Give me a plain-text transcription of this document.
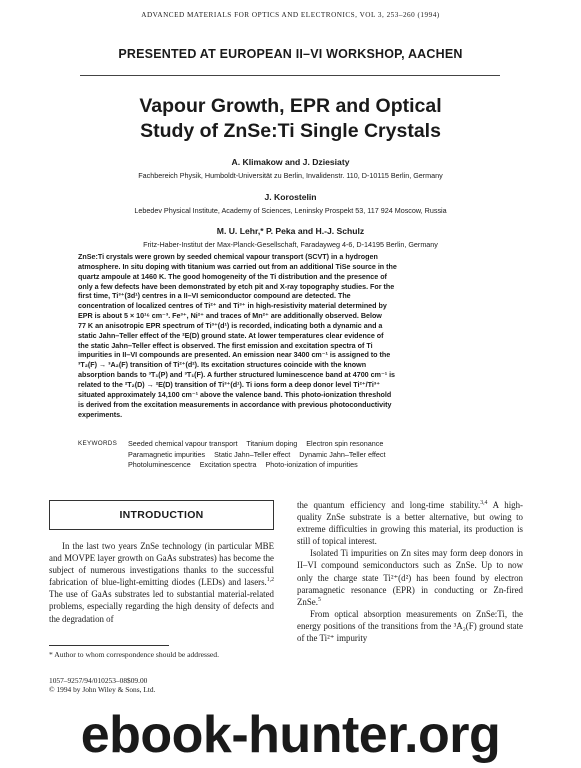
ADVANCED MATERIALS FOR OPTICS AND ELECTRONICS, VOL 3, 253–260 (1994)
PRESENTED AT EUROPEAN II–VI WORKSHOP, AACHEN
Vapour Growth, EPR and Optical
Study of ZnSe:Ti Single Crystals
A. Klimakow and J. Dziesiaty
Fachbereich Physik, Humboldt-Universität zu Berlin, Invalidenstr. 110, D-10115 Berlin, Germany
J. Korostelin
Lebedev Physical Institute, Academy of Sciences, Leninsky Prospekt 53, 117 924 Moscow, Russia
M. U. Lehr,* P. Peka and H.-J. Schulz
Fritz-Haber-Institut der Max-Planck-Gesellschaft, Faradayweg 4-6, D-14195 Berlin, Germany

ZnSe:Ti crystals were grown by seeded chemical vapour transport (SCVT) in a hydrogen

atmosphere. In situ doping with titanium was carried out from an additional TiSe source in the

quartz ampoule at 1460 K. The good homogeneity of the Ti distribution and the presence of

only a few defects have been demonstrated by etch pit and X-ray topography studies. For the

first time, Ti³⁺(3d¹) centres in a II–VI semiconductor compound are detected. The

concentration of localized centres of Ti²⁺ and Ti³⁺ in high-resistivity material determined by

EPR is about 5 × 10¹⁶ cm⁻³. Fe³⁺, Ni²⁺ and traces of Mn²⁺ are additionally observed. Below

77 K an anisotropic EPR spectrum of Ti³⁺(d¹) is recorded, indicating both a dynamic and a

static Jahn–Teller effect of the ²E(D) ground state. At lower temperatures clear evidence of

the static Jahn–Teller effect is observed. The first emission and excitation spectra of Ti

impurities in II–VI compounds are presented. An emission near 3400 cm⁻¹ is assigned to the

³T₂(F) → ³A₂(F) transition of Ti²⁺(d²). Its excitation structures coincide with the known

absorption bands to ³T₁(P) and ³T₁(F). A further structured luminescence band at 4700 cm⁻¹ is

related to the ²T₂(D) → ²E(D) transition of Ti³⁺(d¹). Ti ions form a deep donor level Ti²⁺/Ti³⁺

situated approximately 14,100 cm⁻¹ above the valence band. This photo-ionization threshold

is derived from the excitation measurements in accordance with previous photoconductivity

experiments.

KEYWORDS Seeded chemical vapour transport Titanium doping Electron spin resonance
Paramagnetic impurities Static Jahn–Teller effect Dynamic Jahn–Teller effect
Photoluminescence Excitation spectra Photo-ionization of impurities
INTRODUCTION

In the last two years ZnSe technology (in particular MBE and MOVPE layer growth on GaAs substrates) has become the subject of numerous investigations thanks to the successful fabrication of blue-light-emitting diodes (LEDs) and lasers.$^{1,2}$ The use of GaAs substrates led to substantial material-related problems, especially regarding the high density of defects and the degradation of

the quantum efficiency and long-time stability.$^{3,4}$ A high-quality ZnSe substrate is a better alternative, but owing to extreme difficulties in growing this material, its production is still of topical interest.

Isolated Ti impurities on Zn sites may form deep donors in II–VI compound semiconductors such as ZnSe. Up to now only the charge state Ti²⁺(d²) has been found by electron paramagnetic resonance (EPR) in conducting or Zn-fired ZnSe.$^5$

From optical absorption measurements on ZnSe:Ti, the energy positions of the transitions from the ³A₂(F) ground state of the Ti²⁺ impurity

* Author to whom correspondence should be addressed.
1057–9257/94/010253–08$09.00
© 1994 by John Wiley & Sons, Ltd.
ebook-hunter.org
